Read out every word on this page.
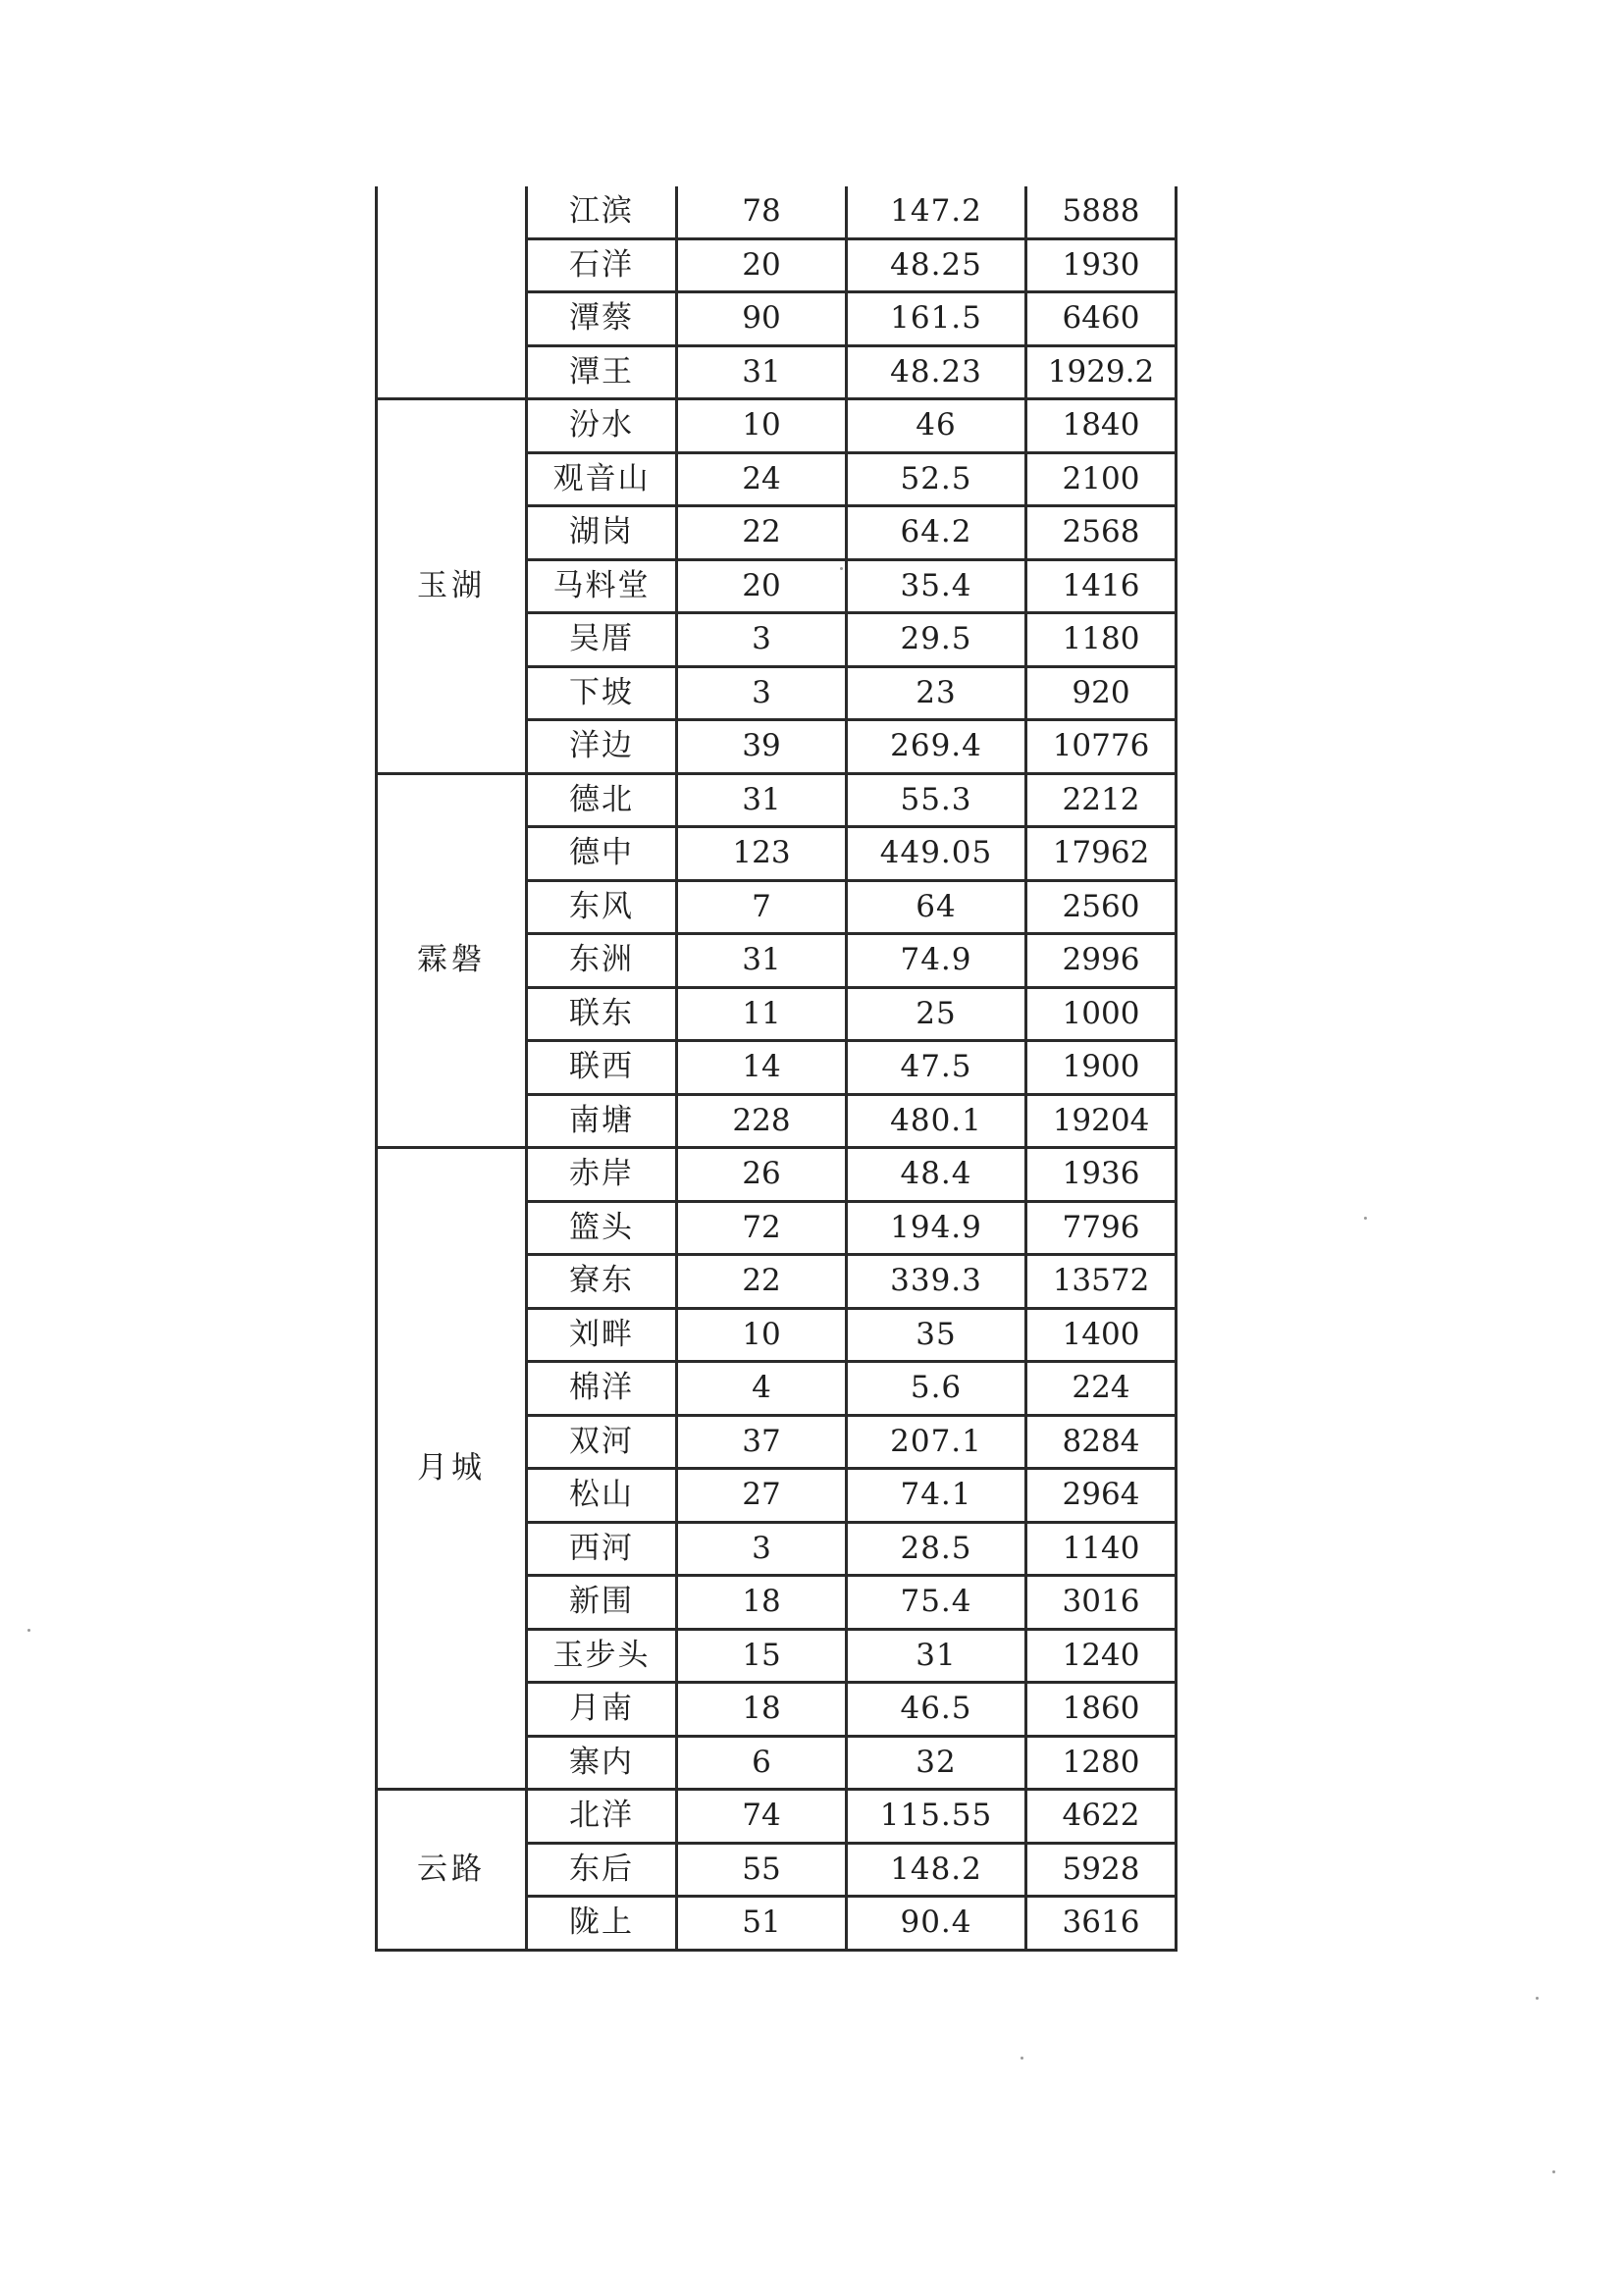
	江滨	78	147.2	5888
	石洋	20	48.25	1930
	潭蔡	90	161.5	6460
	潭王	31	48.23	1929.2
玉湖	汾水	10	46	1840
	观音山	24	52.5	2100
	湖岗	22	64.2	2568
	马料堂	20	35.4	1416
	吴厝	3	29.5	1180
	下坡	3	23	920
	洋边	39	269.4	10776
霖磐	德北	31	55.3	2212
	德中	123	449.05	17962
	东风	7	64	2560
	东洲	31	74.9	2996
	联东	11	25	1000
	联西	14	47.5	1900
	南塘	228	480.1	19204
月城	赤岸	26	48.4	1936
	篮头	72	194.9	7796
	寮东	22	339.3	13572
	刘畔	10	35	1400
	棉洋	4	5.6	224
	双河	37	207.1	8284
	松山	27	74.1	2964
	西河	3	28.5	1140
	新围	18	75.4	3016
	玉步头	15	31	1240
	月南	18	46.5	1860
	寨内	6	32	1280
云路	北洋	74	115.55	4622
	东后	55	148.2	5928
	陇上	51	90.4	3616
